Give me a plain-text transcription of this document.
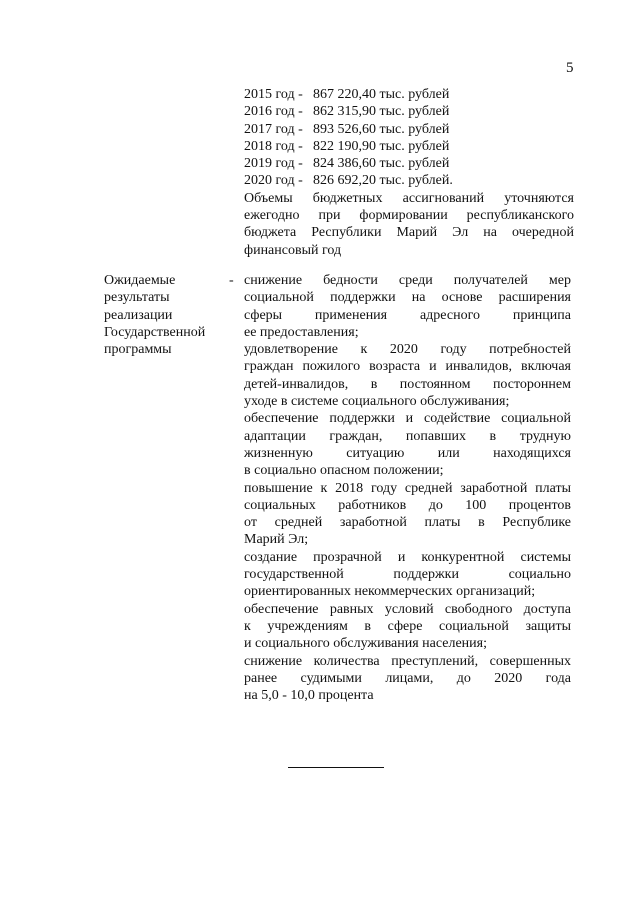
5
2015 год - 867 220,40 тыс. рублей
2016 год - 862 315,90 тыс. рублей
2017 год - 893 526,60 тыс. рублей
2018 год - 822 190,90 тыс. рублей
2019 год - 824 386,60 тыс. рублей
2020 год - 826 692,20 тыс. рублей.
Объемы бюджетных ассигнований уточняются
ежегодно при формировании республиканского
бюджета Республики Марий Эл на очередной
финансовый год
Ожидаемые
результаты
реализации
Государственной
программы
- снижение бедности среди получателей мер
социальной поддержки на основе расширения
сферы применения адресного принципа
ее предоставления;
удовлетворение к 2020 году потребностей
граждан пожилого возраста и инвалидов, включая
детей-инвалидов, в постоянном постороннем
уходе в системе социального обслуживания;
обеспечение поддержки и содействие социальной
адаптации граждан, попавших в трудную
жизненную ситуацию или находящихся
в социально опасном положении;
повышение к 2018 году средней заработной платы
социальных работников до 100 процентов
от средней заработной платы в Республике
Марий Эл;
создание прозрачной и конкурентной системы
государственной поддержки социально
ориентированных некоммерческих организаций;
обеспечение равных условий свободного доступа
к учреждениям в сфере социальной защиты
и социального обслуживания населения;
снижение количества преступлений, совершенных
ранее судимыми лицами, до 2020 года
на 5,0 - 10,0 процента
